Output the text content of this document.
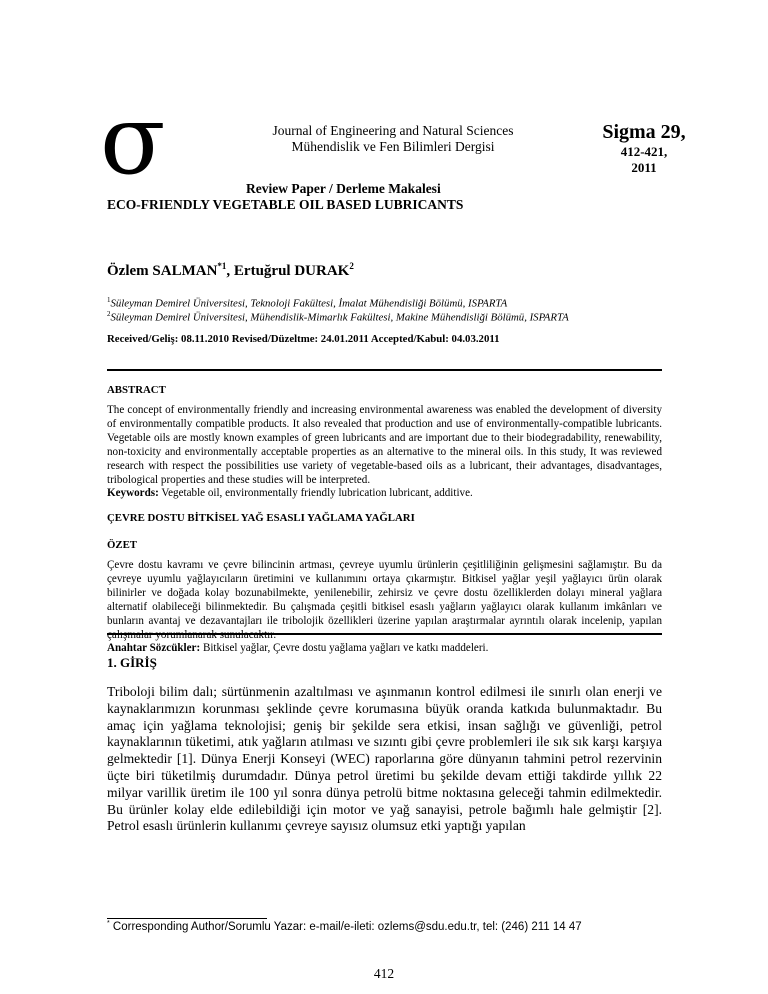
σ	Journal of Engineering and Natural Sciences
Mühendislik ve Fen Bilimleri Dergisi
Sigma 29,
412-421,
2011
Review Paper / Derleme Makalesi
ECO-FRIENDLY VEGETABLE OIL BASED LUBRICANTS
Özlem SALMAN$^{*1}$, Ertuğrul DURAK$^2$
$^1$Süleyman Demirel Üniversitesi, Teknoloji Fakültesi, İmalat Mühendisliği Bölümü, ISPARTA
$^2$Süleyman Demirel Üniversitesi, Mühendislik-Mimarlık Fakültesi, Makine Mühendisliği Bölümü, ISPARTA
Received/Geliş: 08.11.2010 Revised/Düzeltme: 24.01.2011 Accepted/Kabul: 04.03.2011
ABSTRACT
The concept of environmentally friendly and increasing environmental awareness was enabled the development of diversity of environmentally compatible products. It also revealed that production and use of environmentally-compatible lubricants. Vegetable oils are mostly known examples of green lubricants and are important due to their biodegradability, renewability, non-toxicity and environmentally acceptable properties as an alternative to the mineral oils. In this study, It was reviewed research with respect the possibilities use variety of vegetable-based oils as a lubricant, their advantages, disadvantages, tribological properties and these studies will be interpreted.
Keywords: Vegetable oil, environmentally friendly lubrication lubricant, additive.
ÇEVRE DOSTU BİTKİSEL YAĞ ESASLI YAĞLAMA YAĞLARI
ÖZET
Çevre dostu kavramı ve çevre bilincinin artması, çevreye uyumlu ürünlerin çeşitliliğinin gelişmesini sağlamıştır. Bu da çevreye uyumlu yağlayıcıların üretimini ve kullanımını ortaya çıkarmıştır. Bitkisel yağlar yeşil yağlayıcı ürün olarak bilinirler ve doğada kolay bozunabilmekte, yenilenebilir, zehirsiz ve çevre dostu özelliklerden dolayı mineral yağlara alternatif olabileceği bilinmektedir. Bu çalışmada çeşitli bitkisel esaslı yağların yağlayıcı olarak kullanım imkânları ve bunların avantaj ve dezavantajları ile tribolojik özellikleri üzerine yapılan araştırmalar ayrıntılı olarak incelenip, yapılan çalışmalar yorumlanarak sunulacaktır.
Anahtar Sözcükler: Bitkisel yağlar, Çevre dostu yağlama yağları ve katkı maddeleri.
1. GİRİŞ
Triboloji bilim dalı; sürtünmenin azaltılması ve aşınmanın kontrol edilmesi ile sınırlı olan enerji ve kaynaklarımızın korunması şeklinde çevre korumasına büyük oranda katkıda bulunmaktadır. Bu amaç için yağlama teknolojisi; geniş bir şekilde sera etkisi, insan sağlığı ve güvenliği, petrol kaynaklarının tüketimi, atık yağların atılması ve sızıntı gibi çevre problemleri ile sık sık karşı karşıya gelmektedir [1]. Dünya Enerji Konseyi (WEC) raporlarına göre dünyanın tahmini petrol rezervinin üçte biri tüketilmiş durumdadır. Dünya petrol üretimi bu şekilde devam ettiği takdirde yıllık 22 milyar varillik üretim ile 100 yıl sonra dünya petrolü bitme noktasına geleceği tahmin edilmektedir. Bu ürünler kolay elde edilebildiği için motor ve yağ sanayisi, petrole bağımlı hale gelmiştir [2]. Petrol esaslı ürünlerin kullanımı çevreye sayısız olumsuz etki yaptığı yapılan
* Corresponding Author/Sorumlu Yazar: e-mail/e-ileti: ozlems@sdu.edu.tr, tel: (246) 211 14 47
412
